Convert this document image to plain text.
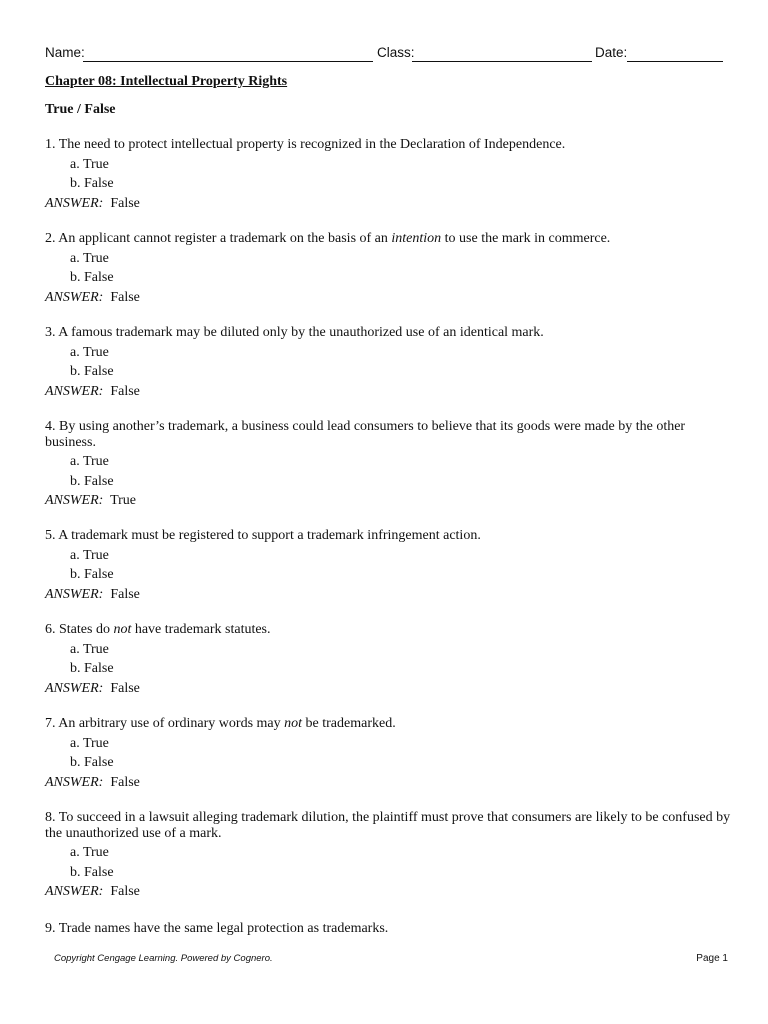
Name:	Class:	Date:
Chapter 08: Intellectual Property Rights
True / False

1. The need to protect intellectual property is recognized in the Declaration of Independence.

a. True
b. False
ANSWER: False

2. An applicant cannot register a trademark on the basis of an intention to use the mark in commerce.

a. True
b. False
ANSWER: False

3. A famous trademark may be diluted only by the unauthorized use of an identical mark.

a. True
b. False
ANSWER: False

4. By using another’s trademark, a business could lead consumers to believe that its goods were made by the other business.

a. True
b. False
ANSWER: True

5. A trademark must be registered to support a trademark infringement action.

a. True
b. False
ANSWER: False

6. States do not have trademark statutes.

a. True
b. False
ANSWER: False

7. An arbitrary use of ordinary words may not be trademarked.

a. True
b. False
ANSWER: False

8. To succeed in a lawsuit alleging trademark dilution, the plaintiff must prove that consumers are likely to be confused by the unauthorized use of a mark.

a. True
b. False
ANSWER: False

9. Trade names have the same legal protection as trademarks.

Copyright Cengage Learning. Powered by Cognero.	Page 1
